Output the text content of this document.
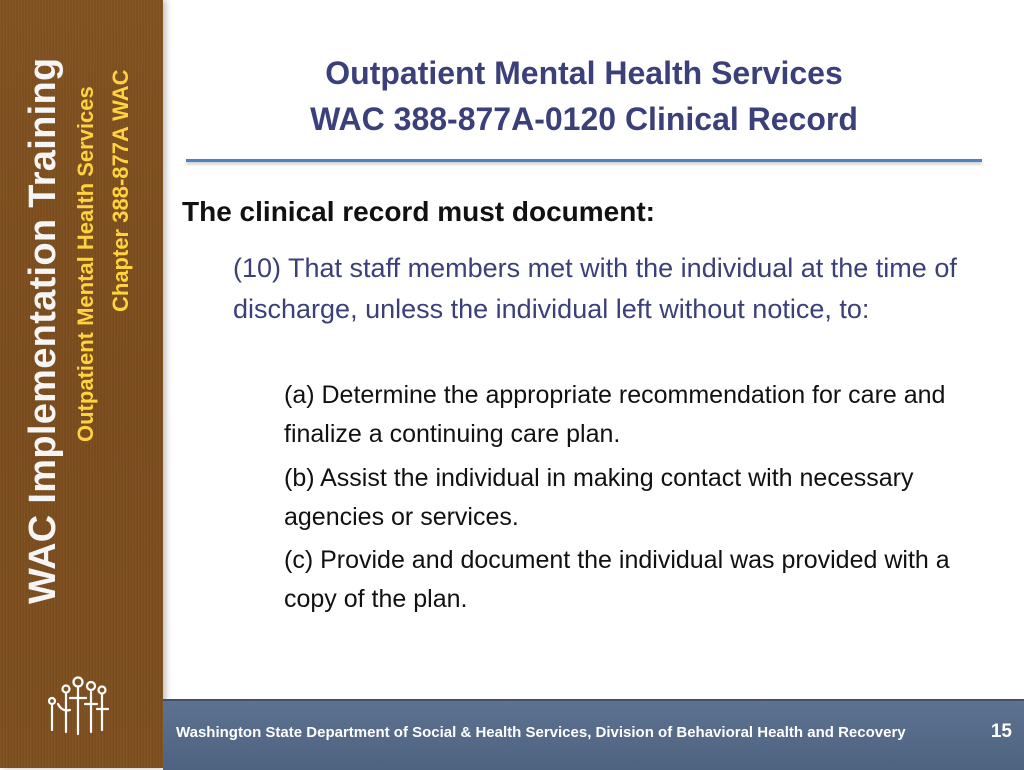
WAC Implementation Training Outpatient Mental Health Services Chapter 388-877A WAC	Outpatient Mental Health Services
WAC 388-877A-0120 Clinical Record
The clinical record must document:
(10) That staff members met with the individual at the time of discharge, unless the individual left without notice, to:
(a) Determine the appropriate recommendation for care and finalize a continuing care plan.
(b) Assist the individual in making contact with necessary agencies or services.
(c) Provide and document the individual was provided with a copy of the plan.
Washington State Department of Social & Health Services, Division of Behavioral Health and Recovery	15
